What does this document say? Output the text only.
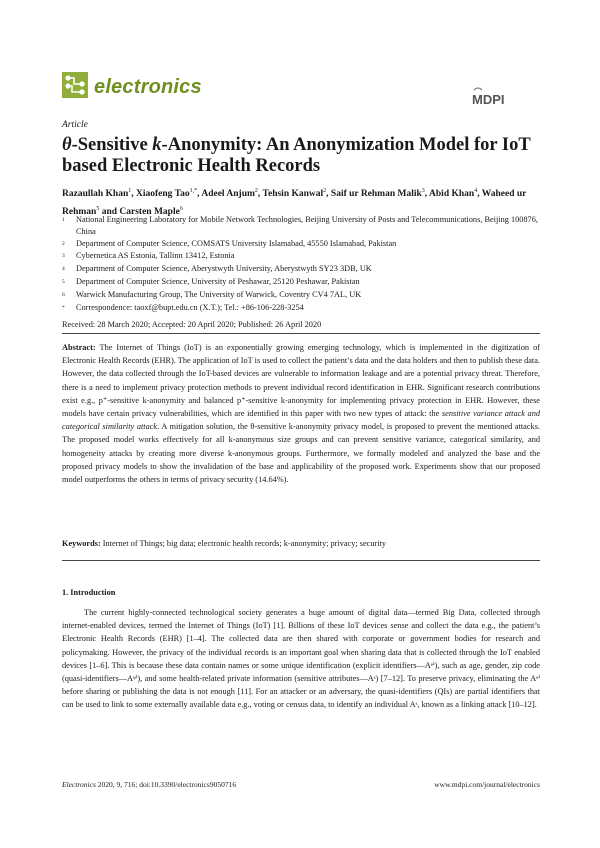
electronics
MDPI
Article
θ-Sensitive k-Anonymity: An Anonymization Model for IoT based Electronic Health Records
Razaullah Khan$^1$, Xiaofeng Tao$^{1,*}$, Adeel Anjum$^2$, Tehsin Kanwal$^2$, Saif ur Rehman Malik$^3$, Abid Khan$^4$, Waheed ur Rehman$^5$ and Carsten Maple$^6$
1	National Engineering Laboratory for Mobile Network Technologies, Beijing University of Posts and Telecommunications, Beijing 100876, China
2	Department of Computer Science, COMSATS University Islamabad, 45550 Islamabad, Pakistan
3	Cybernetica AS Estonia, Tallinn 13412, Estonia
4	Department of Computer Science, Aberystwyth University, Aberystwyth SY23 3DB, UK
5	Department of Computer Science, University of Peshawar, 25120 Peshawar, Pakistan
6	Warwick Manufacturing Group, The University of Warwick, Coventry CV4 7AL, UK
*	Correspondence: taoxf@bupt.edu.cn (X.T.); Tel.: +86-106-228-3254
Received: 28 March 2020; Accepted: 20 April 2020; Published: 26 April 2020
Abstract: The Internet of Things (IoT) is an exponentially growing emerging technology, which is implemented in the digitization of Electronic Health Records (EHR). The application of IoT is used to collect the patient’s data and the data holders and then to publish these data. However, the data collected through the IoT-based devices are vulnerable to information leakage and are a potential privacy threat. Therefore, there is a need to implement privacy protection methods to prevent individual record identification in EHR. Significant research contributions exist e.g., p⁺-sensitive k-anonymity and balanced p⁺-sensitive k-anonymity for implementing privacy protection in EHR. However, these models have certain privacy vulnerabilities, which are identified in this paper with two new types of attack: the sensitive variance attack and categorical similarity attack. A mitigation solution, the θ-sensitive k-anonymity privacy model, is proposed to prevent the mentioned attacks. The proposed model works effectively for all k-anonymous size groups and can prevent sensitive variance, categorical similarity, and homogeneity attacks by creating more diverse k-anonymous groups. Furthermore, we formally modeled and analyzed the base and the proposed privacy models to show the invalidation of the base and applicability of the proposed work. Experiments show that our proposed model outperforms the others in terms of privacy security (14.64%).
Keywords: Internet of Things; big data; electronic health records; k-anonymity; privacy; security
1. Introduction
The current highly-connected technological society generates a huge amount of digital data—termed Big Data, collected through internet-enabled devices, termed the Internet of Things (IoT) [1]. Billions of these IoT devices sense and collect the data e.g., the patient’s Electronic Health Records (EHR) [1–4]. The collected data are then shared with corporate or government bodies for research and policymaking. However, the privacy of the individual records is an important goal when sharing data that is collected through the IoT enabled devices [1–6]. This is because these data contain names or some unique identification (explicit identifiers—Aᵉⁱ), such as age, gender, zip code (quasi-identifiers—Aᵠⁱ), and some health-related private information (sensitive attributes—Aˢ) [7–12]. To preserve privacy, eliminating the Aᵉⁱ before sharing or publishing the data is not enough [11]. For an attacker or an adversary, the quasi-identifiers (QIs) are partial identifiers that can be used to link to some externally available data e.g., voting or census data, to identify an individual Aˢ, known as a linking attack [10–12].
Electronics 2020, 9, 716; doi:10.3390/electronics9050716	www.mdpi.com/journal/electronics
